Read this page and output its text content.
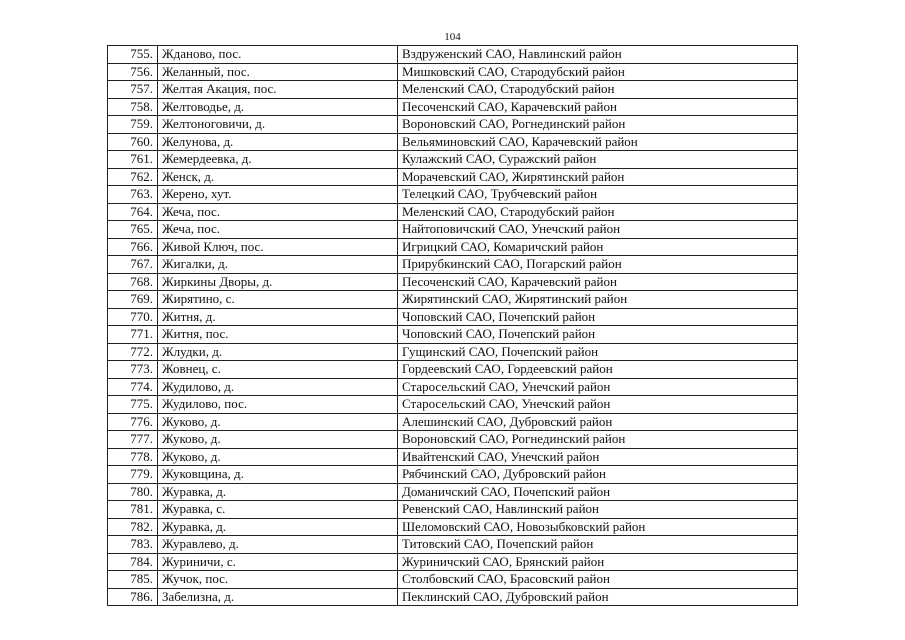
104
755.	Жданово, пос.	Вздруженский САО, Навлинский район
756.	Желанный, пос.	Мишковский САО, Стародубский район
757.	Желтая Акация, пос.	Меленский САО, Стародубский район
758.	Желтоводье, д.	Песоченский САО, Карачевский район
759.	Желтоноговичи, д.	Вороновский САО, Рогнединский район
760.	Желунова, д.	Вельяминовский САО, Карачевский район
761.	Жемердеевка, д.	Кулажский САО, Суражский район
762.	Женск, д.	Морачевский САО, Жирятинский район
763.	Жерено, хут.	Телецкий САО, Трубчевский район
764.	Жеча, пос.	Меленский САО, Стародубский район
765.	Жеча, пос.	Найтоповичский САО, Унечский район
766.	Живой Ключ, пос.	Игрицкий САО, Комаричский район
767.	Жигалки, д.	Прирубкинский САО, Погарский район
768.	Жиркины Дворы, д.	Песоченский САО, Карачевский район
769.	Жирятино, с.	Жирятинский САО, Жирятинский район
770.	Житня, д.	Чоповский САО, Почепский район
771.	Житня, пос.	Чоповский САО, Почепский район
772.	Жлудки, д.	Гущинский САО, Почепский район
773.	Жовнец, с.	Гордеевский САО, Гордеевский район
774.	Жудилово, д.	Старосельский САО, Унечский район
775.	Жудилово, пос.	Старосельский САО, Унечский район
776.	Жуково, д.	Алешинский САО, Дубровский район
777.	Жуково, д.	Вороновский САО, Рогнединский район
778.	Жуково, д.	Ивайтенский САО, Унечский район
779.	Жуковщина, д.	Рябчинский САО, Дубровский район
780.	Журавка, д.	Доманичский САО, Почепский район
781.	Журавка, с.	Ревенский САО, Навлинский район
782.	Журавка, д.	Шеломовский САО, Новозыбковский район
783.	Журавлево, д.	Титовский САО, Почепский район
784.	Журиничи, с.	Журиничский САО, Брянский район
785.	Жучок, пос.	Столбовский САО, Брасовский район
786.	Забелизна, д.	Пеклинский САО, Дубровский район
